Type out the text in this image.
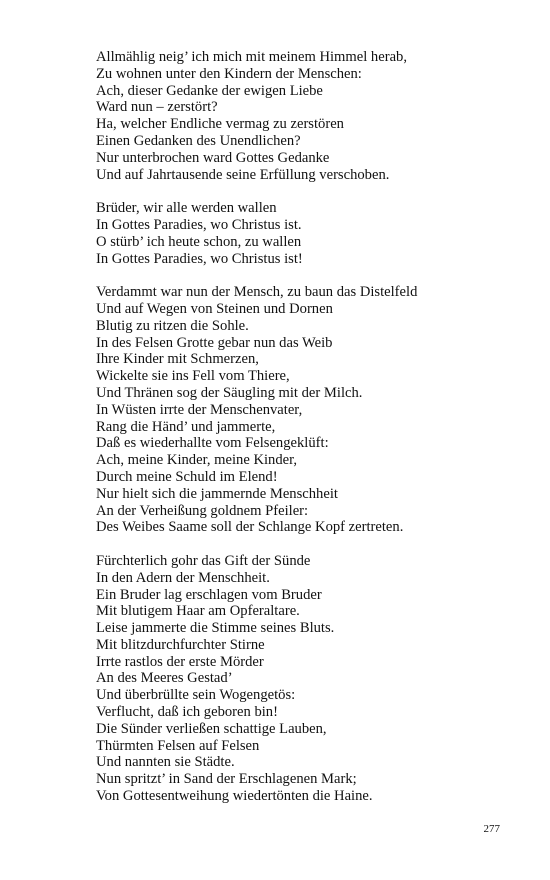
Allmählig neig’ ich mich mit meinem Himmel herab,
Zu wohnen unter den Kindern der Menschen:
Ach, dieser Gedanke der ewigen Liebe
Ward nun – zerstört?
Ha, welcher Endliche vermag zu zerstören
Einen Gedanken des Unendlichen?
Nur unterbrochen ward Gottes Gedanke
Und auf Jahrtausende seine Erfüllung verschoben.
Brüder, wir alle werden wallen
In Gottes Paradies, wo Christus ist.
O stürb’ ich heute schon, zu wallen
In Gottes Paradies, wo Christus ist!
Verdammt war nun der Mensch, zu baun das Distelfeld
Und auf Wegen von Steinen und Dornen
Blutig zu ritzen die Sohle.
In des Felsen Grotte gebar nun das Weib
Ihre Kinder mit Schmerzen,
Wickelte sie ins Fell vom Thiere,
Und Thränen sog der Säugling mit der Milch.
In Wüsten irrte der Menschenvater,
Rang die Händ’ und jammerte,
Daß es wiederhallte vom Felsengeklüft:
Ach, meine Kinder, meine Kinder,
Durch meine Schuld im Elend!
Nur hielt sich die jammernde Menschheit
An der Verheißung goldnem Pfeiler:
Des Weibes Saame soll der Schlange Kopf zertreten.
Fürchterlich gohr das Gift der Sünde
In den Adern der Menschheit.
Ein Bruder lag erschlagen vom Bruder
Mit blutigem Haar am Opferaltare.
Leise jammerte die Stimme seines Bluts.
Mit blitzdurchfurchter Stirne
Irrte rastlos der erste Mörder
An des Meeres Gestad’
Und überbrüllte sein Wogengetös:
Verflucht, daß ich geboren bin!
Die Sünder verließen schattige Lauben,
Thürmten Felsen auf Felsen
Und nannten sie Städte.
Nun spritzt’ in Sand der Erschlagenen Mark;
Von Gottesentweihung wiedertönten die Haine.
277
